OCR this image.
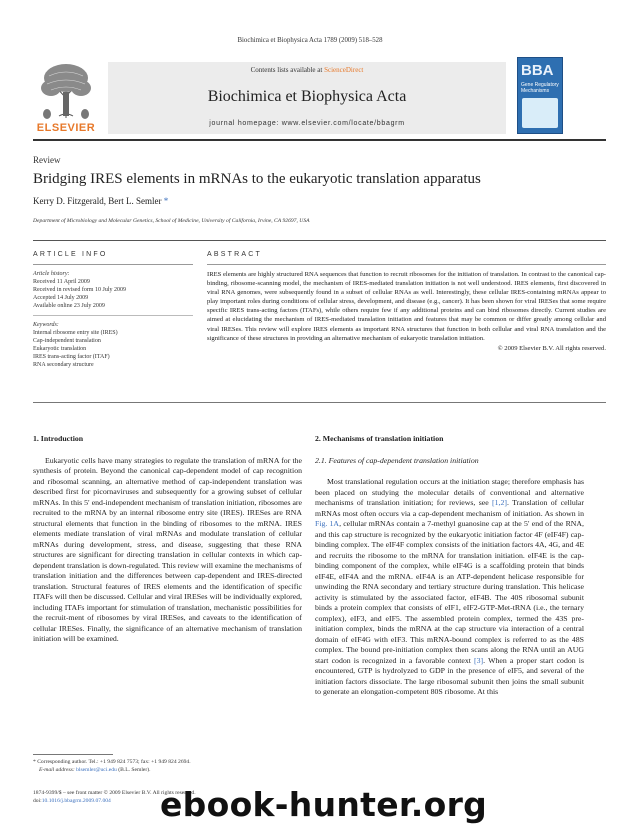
Biochimica et Biophysica Acta 1789 (2009) 518–528
ELSEVIER
Contents lists available at ScienceDirect
Biochimica et Biophysica Acta
journal homepage: www.elsevier.com/locate/bbagrm
BBA
Gene Regulatory Mechanisms
Review
Bridging IRES elements in mRNAs to the eukaryotic translation apparatus
Kerry D. Fitzgerald, Bert L. Semler *
Department of Microbiology and Molecular Genetics, School of Medicine, University of California, Irvine, CA 92697, USA
ARTICLE INFO
Article history:
Received 11 April 2009
Received in revised form 10 July 2009
Accepted 14 July 2009
Available online 23 July 2009
Keywords:
Internal ribosome entry site (IRES)
Cap-independent translation
Eukaryotic translation
IRES trans-acting factor (ITAF)
RNA secondary structure
ABSTRACT
IRES elements are highly structured RNA sequences that function to recruit ribosomes for the initiation of translation. In contrast to the canonical cap-binding, ribosome-scanning model, the mechanism of IRES-mediated translation initiation is not well understood. IRES elements, first discovered in viral RNA genomes, were subsequently found in a subset of cellular RNAs as well. Interestingly, these cellular IRES-containing mRNAs appear to play important roles during conditions of cellular stress, development, and disease (e.g., cancer). It has been shown for viral IRESes that some require specific IRES trans-acting factors (ITAFs), while others require few if any additional proteins and can bind ribosomes directly. Current studies are aimed at elucidating the mechanism of IRES-mediated translation initiation and features that may be common or differ greatly among cellular and viral IRESes. This review will explore IRES elements as important RNA structures that function in both cellular and viral RNA translation and the significance of these structures in providing an alternative mechanism of eukaryotic translation initiation.
© 2009 Elsevier B.V. All rights reserved.
1. Introduction

Eukaryotic cells have many strategies to regulate the translation of mRNA for the synthesis of protein. Beyond the canonical cap-dependent model of cap recognition and ribosomal scanning, an alternative method of cap-independent translation was described first for picornaviruses and subsequently for a growing subset of cellular mRNAs. In this 5′ end-independent mechanism of translation initiation, ribosomes are recruited to the mRNA by an internal ribosome entry site (IRES). IRESes are RNA structural elements that function in the binding of ribosomes to the mRNA. IRES elements mediate translation of viral mRNAs and modulate translation of cellular mRNAs during development, stress, and disease, suggesting that these RNA structures are significant for directing translation in cellular contexts in which cap-dependent translation is down-regulated. This review will examine the mechanisms of translation initiation and the differences between cap-dependent and IRES-directed translation. Structural features of IRES elements and the identification of specific ITAFs will then be discussed. Cellular and viral IRESes will be individually explored, including ITAFs important for stimulation of translation, mechanistic possibilities for the recruit-ment of ribosomes by viral IRESes, and caveats to the identification of cellular IRESes. Finally, the significance of an alternative mechanism of translation initiation will be examined.

2. Mechanisms of translation initiation
2.1. Features of cap-dependent translation initiation

Most translational regulation occurs at the initiation stage; therefore emphasis has been placed on studying the molecular details of conventional and alternative mechanisms of translation initiation; for reviews, see [1,2]. Translation of cellular mRNAs most often occurs via a cap-dependent mechanism of initiation. As shown in Fig. 1A, cellular mRNAs contain a 7-methyl guanosine cap at the 5′ end of the RNA, and this cap structure is recognized by the eukaryotic initiation factor 4F (eIF4F) cap-binding complex. The eIF4F complex consists of the initiation factors 4A, 4G, and 4E and recruits the ribosome to the mRNA for translation initiation. eIF4E is the cap-binding component of the complex, while eIF4G is a scaffolding protein that binds eIF4E, eIF4A and the mRNA. eIF4A is an ATP-dependent helicase responsible for unwinding the RNA secondary and tertiary structure during translation. This helicase activity is stimulated by the associated factor, eIF4B. The 40S ribosomal subunit binds a protein complex that consists of eIF1, eIF2-GTP-Met-tRNA (i.e., the ternary complex), eIF3, and eIF5. The assembled protein complex, termed the 43S pre-initiation complex, binds the mRNA at the cap structure via interaction of a central domain of eIF4G with eIF3. This mRNA-bound complex is referred to as the 48S complex. The bound pre-initiation complex then scans along the RNA until an AUG start codon is recognized in a favorable context [3]. When a proper start codon is encountered, GTP is hydrolyzed to GDP in the presence of eIF5, and several of the initiation factors dissociate. The large ribosomal subunit then joins the small subunit to generate an elongation-competent 80S ribosome. At this

* Corresponding author. Tel.: +1 949 824 7573; fax: +1 949 824 2694.
E-mail address: blsemler@uci.edu (B.L. Semler).
1874-9399/$ – see front matter © 2009 Elsevier B.V. All rights reserved.
doi:10.1016/j.bbagrm.2009.07.004	ebook-hunter.org
